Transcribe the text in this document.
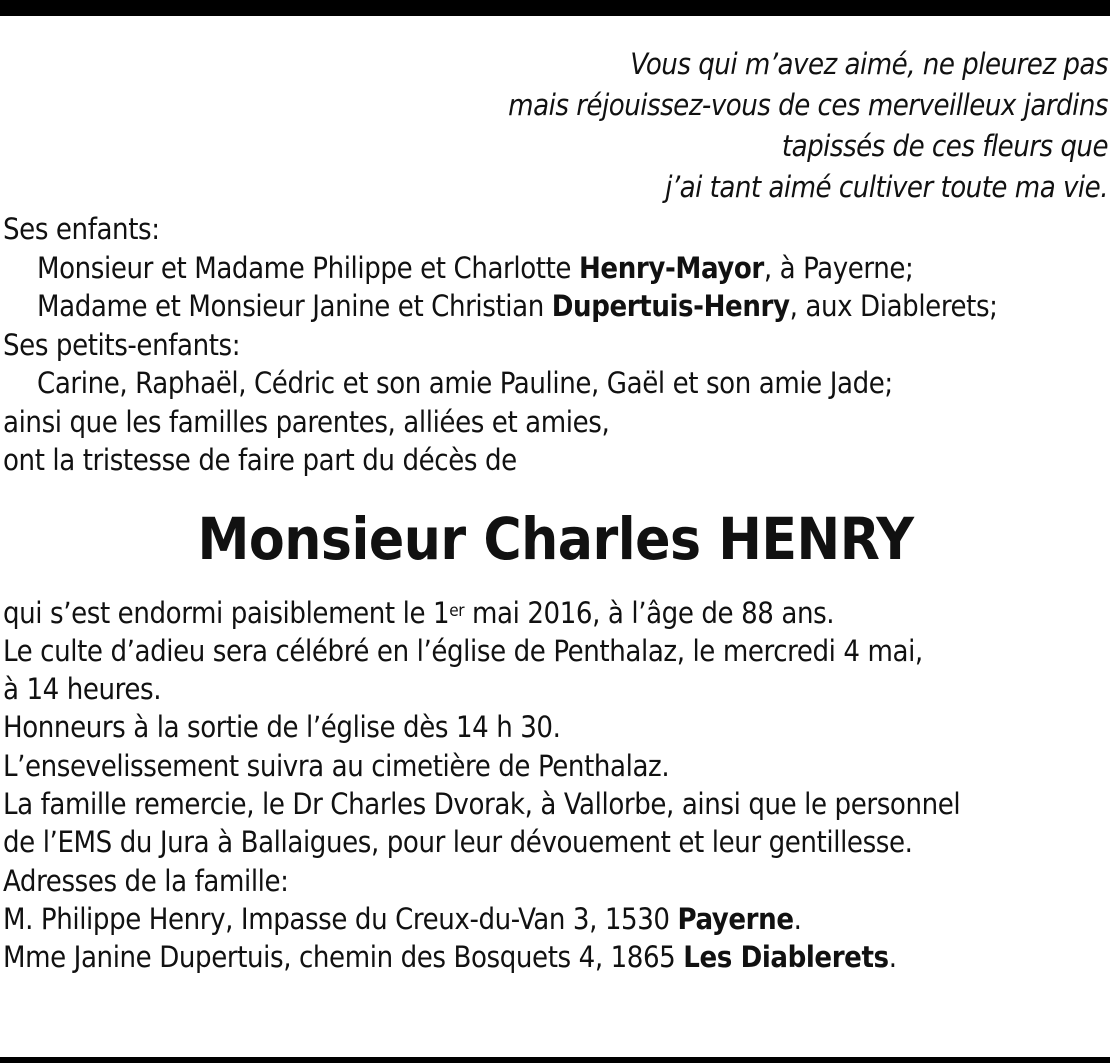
Vous qui m’avez aimé, ne pleurez pas
mais réjouissez-vous de ces merveilleux jardins
tapissés de ces fleurs que
j’ai tant aimé cultiver toute ma vie.
Ses enfants:
Monsieur et Madame Philippe et Charlotte Henry-Mayor, à Payerne;
Madame et Monsieur Janine et Christian Dupertuis-Henry, aux Diablerets;
Ses petits-enfants:
Carine, Raphaël, Cédric et son amie Pauline, Gaël et son amie Jade;
ainsi que les familles parentes, alliées et amies,
ont la tristesse de faire part du décès de
Monsieur Charles HENRY
qui s’est endormi paisiblement le 1er mai 2016, à l’âge de 88 ans.
Le culte d’adieu sera célébré en l’église de Penthalaz, le mercredi 4 mai,
à 14 heures.
Honneurs à la sortie de l’église dès 14 h 30.
L’ensevelissement suivra au cimetière de Penthalaz.
La famille remercie, le Dr Charles Dvorak, à Vallorbe, ainsi que le personnel
de l’EMS du Jura à Ballaigues, pour leur dévouement et leur gentillesse.
Adresses de la famille:
M. Philippe Henry, Impasse du Creux-du-Van 3, 1530 Payerne.
Mme Janine Dupertuis, chemin des Bosquets 4, 1865 Les Diablerets.
